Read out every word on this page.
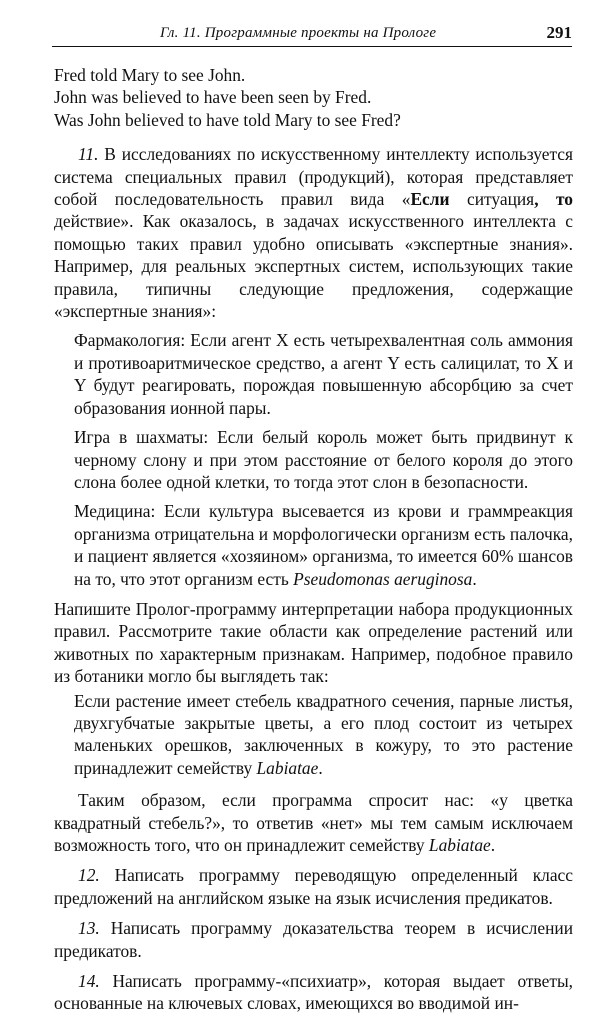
Гл. 11. Программные проекты на Прологе	291

Fred told Mary to see John.

John was believed to have been seen by Fred.

Was John believed to have told Mary to see Fred?

11. В исследованиях по искусственному интеллекту используется система специальных правил (продукций), которая представляет собой последовательность правил вида «Если ситуация, то действие». Как оказалось, в задачах искусственного интеллекта с помощью таких правил удобно описывать «экспертные знания». Например, для реальных экспертных систем, использующих такие правила, типичны следующие предложения, содержащие «экспертные знания»:

Фармакология: Если агент X есть четырехвалентная соль аммония и противоаритмическое средство, а агент Y есть салицилат, то X и Y будут реагировать, порождая повышенную абсорбцию за счет образования ионной пары.

Игра в шахматы: Если белый король может быть придвинут к черному слону и при этом расстояние от белого короля до этого слона более одной клетки, то тогда этот слон в безопасности.

Медицина: Если культура высевается из крови и граммреакция организма отрицательна и морфологически организм есть палочка, и пациент является «хозяином» организма, то имеется 60% шансов на то, что этот организм есть Pseudomonas aeruginosa.

Напишите Пролог-программу интерпретации набора продукционных правил. Рассмотрите такие области как определение растений или животных по характерным признакам. Например, подобное правило из ботаники могло бы выглядеть так:

Если растение имеет стебель квадратного сечения, парные листья, двухгубчатые закрытые цветы, а его плод состоит из четырех маленьких орешков, заключенных в кожуру, то это растение принадлежит семейству Labiatae.

Таким образом, если программа спросит нас: «у цветка квадратный стебель?», то ответив «нет» мы тем самым исключаем возможность того, что он принадлежит семейству Labiatae.

12. Написать программу переводящую определенный класс предложений на английском языке на язык исчисления предикатов.

13. Написать программу доказательства теорем в исчислении предикатов.

14. Написать программу-«психиатр», которая выдает ответы, основанные на ключевых словах, имеющихся во вводимой ин-
